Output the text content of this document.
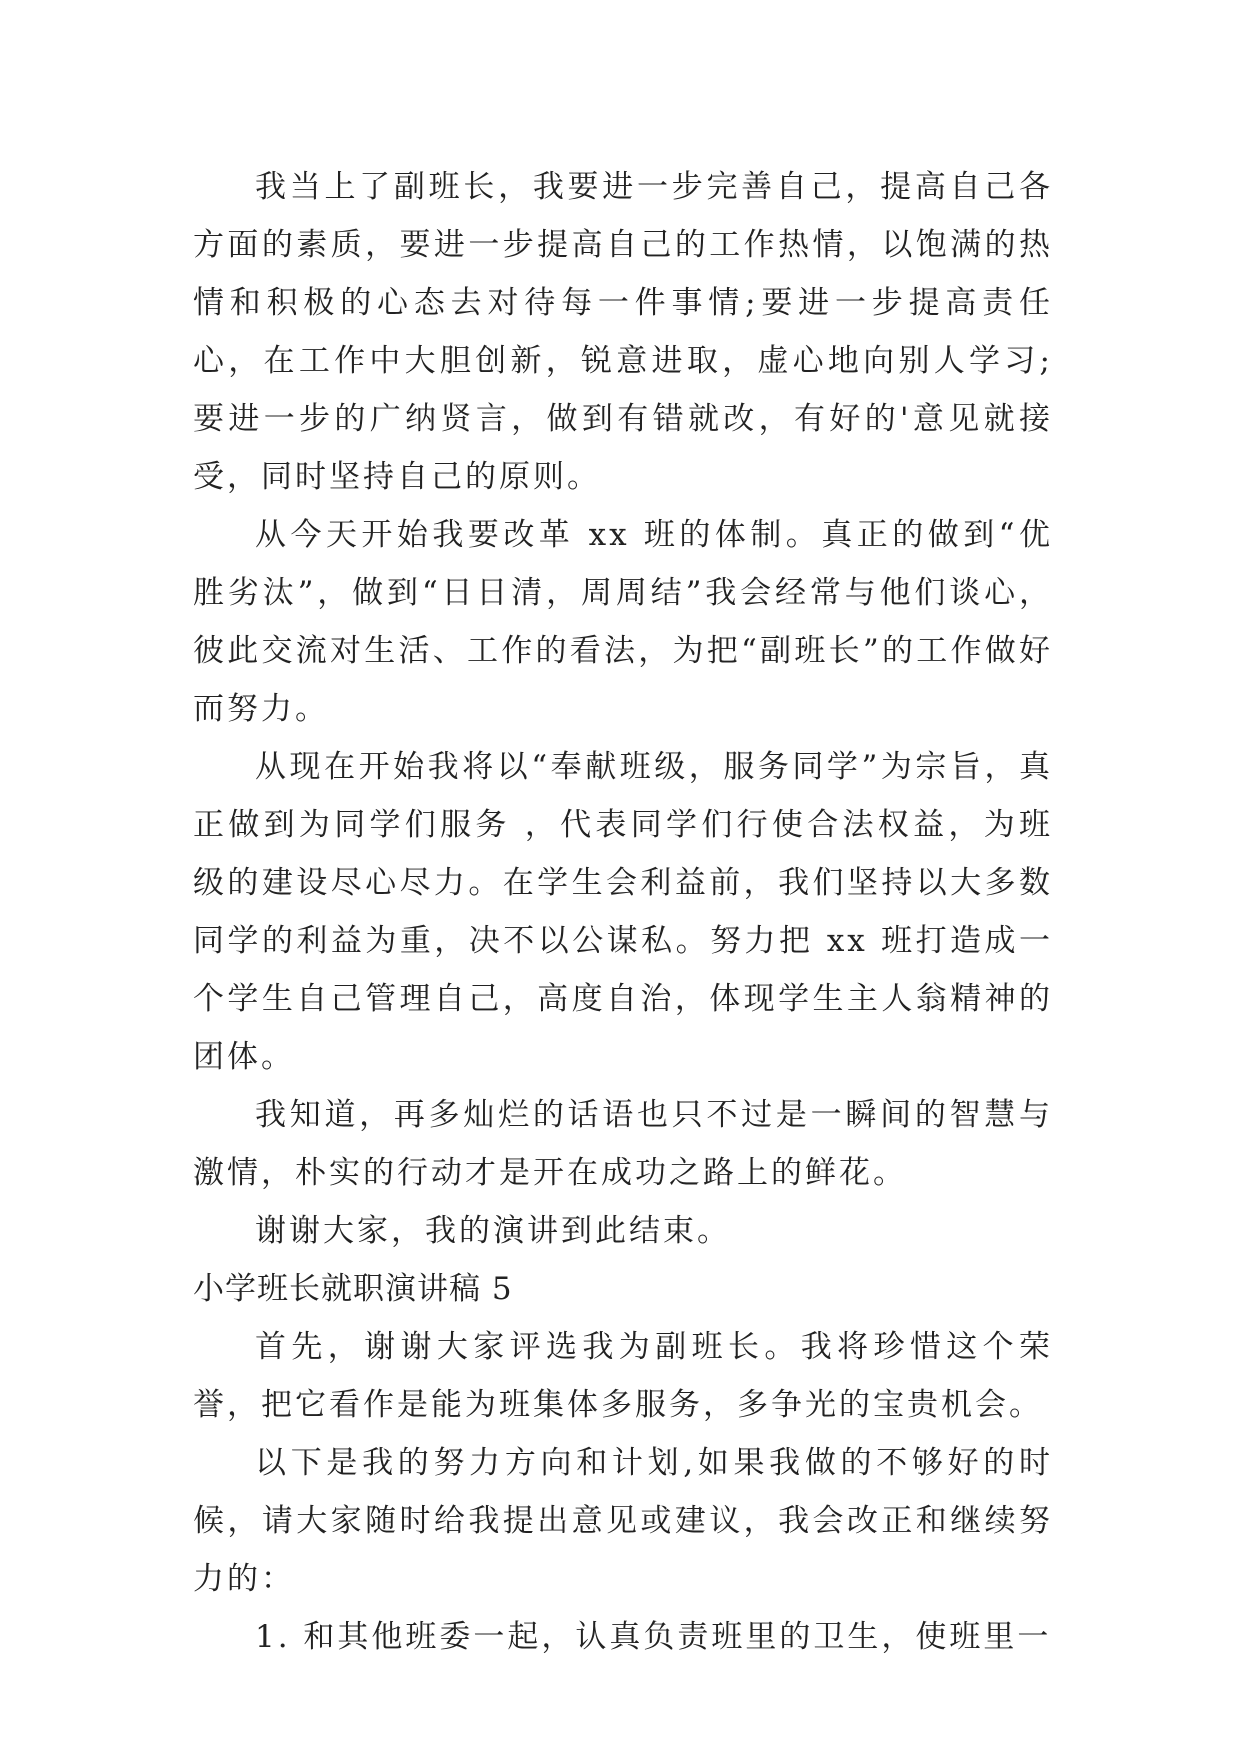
我当上了副班长，我要进一步完善自己，提高自己各方面的素质，要进一步提高自己的工作热情，以饱满的热情和积极的心态去对待每一件事情;要进一步提高责任心，在工作中大胆创新，锐意进取，虚心地向别人学习;要进一步的广纳贤言，做到有错就改，有好的'意见就接受，同时坚持自己的原则。

从今天开始我要改革 xx 班的体制。真正的做到“优胜劣汰”，做到“日日清，周周结”我会经常与他们谈心，彼此交流对生活、工作的看法，为把“副班长”的工作做好而努力。

从现在开始我将以“奉献班级，服务同学”为宗旨，真正做到为同学们服务 ，代表同学们行使合法权益，为班级的建设尽心尽力。在学生会利益前，我们坚持以大多数同学的利益为重，决不以公谋私。努力把 xx 班打造成一个学生自己管理自己，高度自治，体现学生主人翁精神的团体。

我知道，再多灿烂的话语也只不过是一瞬间的智慧与激情，朴实的行动才是开在成功之路上的鲜花。

谢谢大家，我的演讲到此结束。

小学班长就职演讲稿 5

首先，谢谢大家评选我为副班长。我将珍惜这个荣誉，把它看作是能为班集体多服务，多争光的宝贵机会。

以下是我的努力方向和计划,如果我做的不够好的时候，请大家随时给我提出意见或建议，我会改正和继续努力的：

1. 和其他班委一起，认真负责班里的卫生，使班里一
